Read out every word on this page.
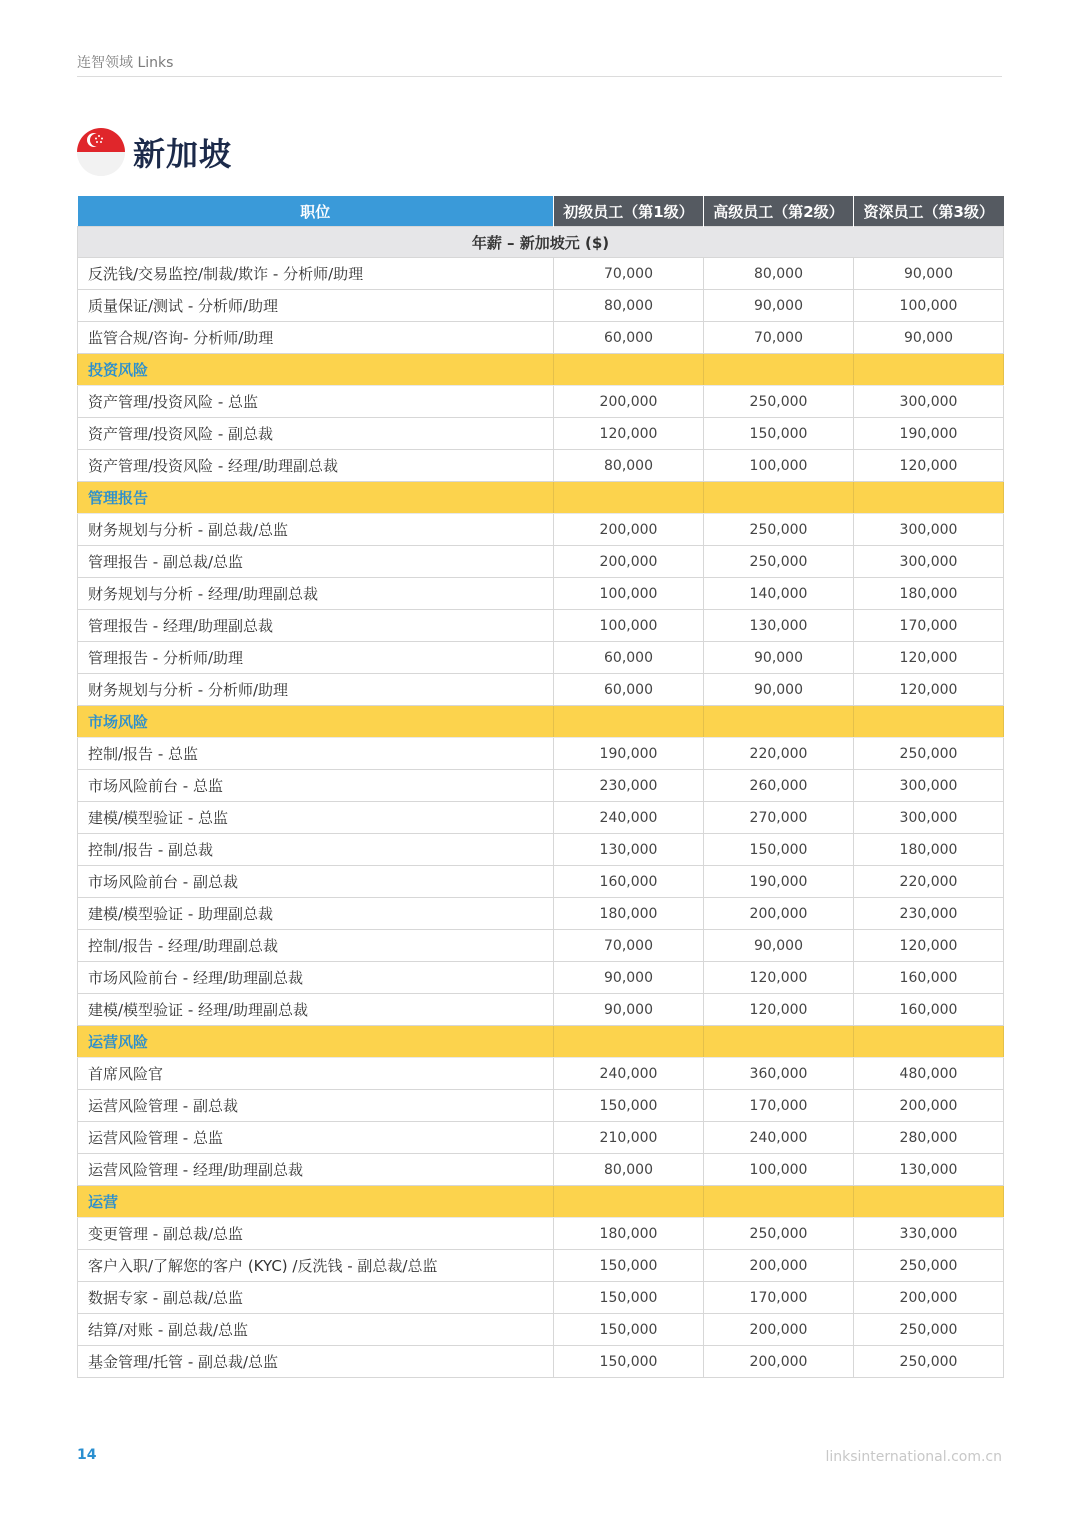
连智领域 Links
新加坡
职位	初级员工（第1级）	高级员工（第2级）	资深员工（第3级）
年薪 – 新加坡元 ($)			
反洗钱/交易监控/制裁/欺诈 - 分析师/助理	70,000	80,000	90,000
质量保证/测试 - 分析师/助理	80,000	90,000	100,000
监管合规/咨询- 分析师/助理	60,000	70,000	90,000
投资风险			
资产管理/投资风险 - 总监	200,000	250,000	300,000
资产管理/投资风险 - 副总裁	120,000	150,000	190,000
资产管理/投资风险 - 经理/助理副总裁	80,000	100,000	120,000
管理报告			
财务规划与分析 - 副总裁/总监	200,000	250,000	300,000
管理报告 - 副总裁/总监	200,000	250,000	300,000
财务规划与分析 - 经理/助理副总裁	100,000	140,000	180,000
管理报告 - 经理/助理副总裁	100,000	130,000	170,000
管理报告 - 分析师/助理	60,000	90,000	120,000
财务规划与分析 - 分析师/助理	60,000	90,000	120,000
市场风险			
控制/报告 - 总监	190,000	220,000	250,000
市场风险前台 - 总监	230,000	260,000	300,000
建模/模型验证 - 总监	240,000	270,000	300,000
控制/报告 - 副总裁	130,000	150,000	180,000
市场风险前台 - 副总裁	160,000	190,000	220,000
建模/模型验证 - 助理副总裁	180,000	200,000	230,000
控制/报告 - 经理/助理副总裁	70,000	90,000	120,000
市场风险前台 - 经理/助理副总裁	90,000	120,000	160,000
建模/模型验证 - 经理/助理副总裁	90,000	120,000	160,000
运营风险			
首席风险官	240,000	360,000	480,000
运营风险管理 - 副总裁	150,000	170,000	200,000
运营风险管理 - 总监	210,000	240,000	280,000
运营风险管理 - 经理/助理副总裁	80,000	100,000	130,000
运营			
变更管理 - 副总裁/总监	180,000	250,000	330,000
客户入职/了解您的客户 (KYC) /反洗钱 - 副总裁/总监	150,000	200,000	250,000
数据专家 - 副总裁/总监	150,000	170,000	200,000
结算/对账 - 副总裁/总监	150,000	200,000	250,000
基金管理/托管 - 副总裁/总监	150,000	200,000	250,000
14	linksinternational.com.cn
